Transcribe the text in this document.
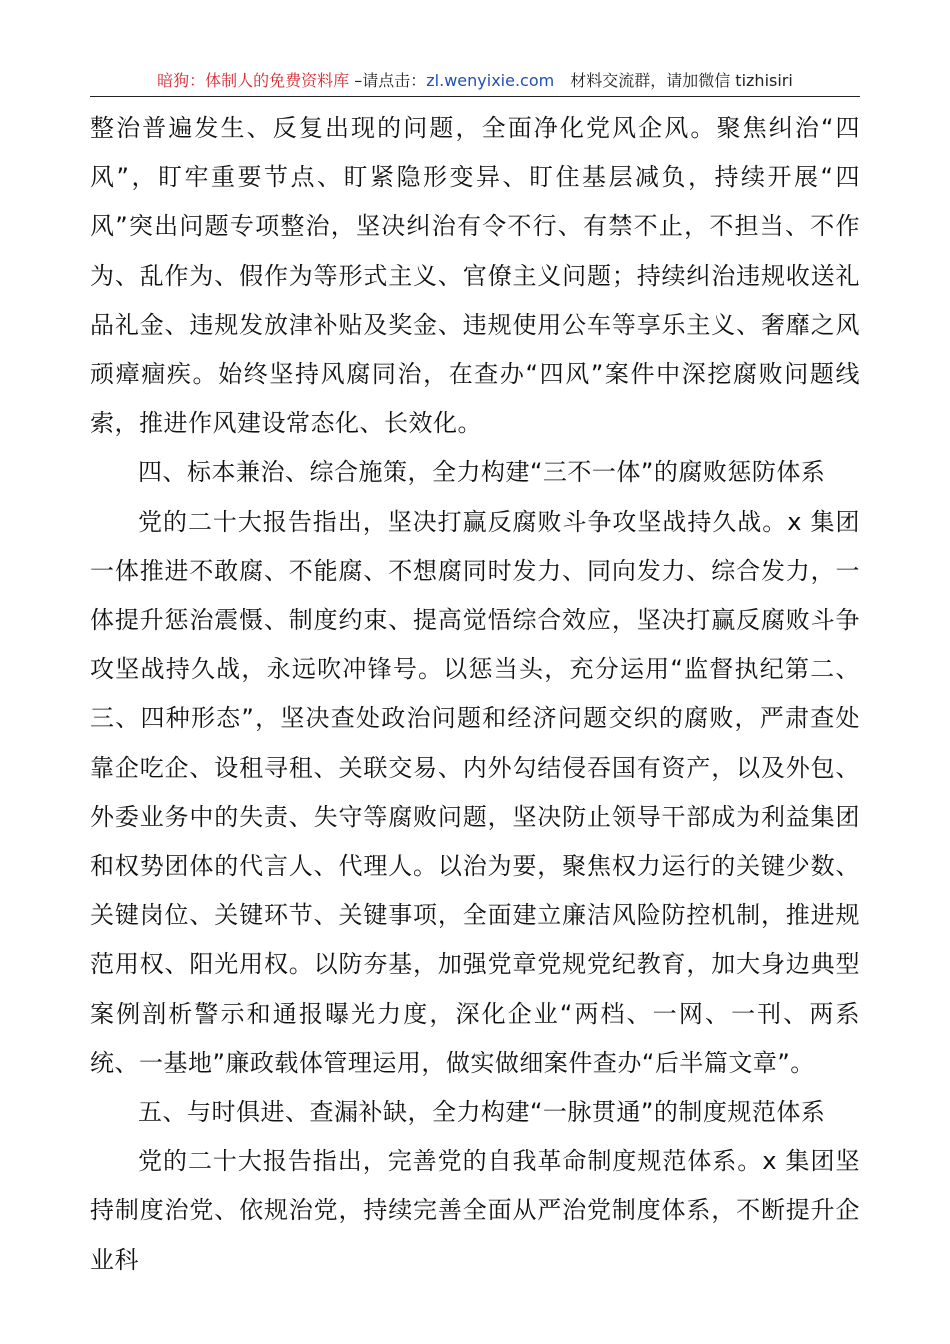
暗狗：体制人的免费资料库 –请点击：zl.wenyixie.com 材料交流群，请加微信 tizhisiri

整治普遍发生、反复出现的问题，全面净化党风企风。聚焦纠治“四风”，盯牢重要节点、盯紧隐形变异、盯住基层减负，持续开展“四风”突出问题专项整治，坚决纠治有令不行、有禁不止，不担当、不作为、乱作为、假作为等形式主义、官僚主义问题；持续纠治违规收送礼品礼金、违规发放津补贴及奖金、违规使用公车等享乐主义、奢靡之风顽瘴痼疾。始终坚持风腐同治，在查办“四风”案件中深挖腐败问题线索，推进作风建设常态化、长效化。

四、标本兼治、综合施策，全力构建“三不一体”的腐败惩防体系

党的二十大报告指出，坚决打赢反腐败斗争攻坚战持久战。x 集团一体推进不敢腐、不能腐、不想腐同时发力、同向发力、综合发力，一体提升惩治震慑、制度约束、提高觉悟综合效应，坚决打赢反腐败斗争攻坚战持久战，永远吹冲锋号。以惩当头，充分运用“监督执纪第二、三、四种形态”，坚决查处政治问题和经济问题交织的腐败，严肃查处靠企吃企、设租寻租、关联交易、内外勾结侵吞国有资产，以及外包、外委业务中的失责、失守等腐败问题，坚决防止领导干部成为利益集团和权势团体的代言人、代理人。以治为要，聚焦权力运行的关键少数、关键岗位、关键环节、关键事项，全面建立廉洁风险防控机制，推进规范用权、阳光用权。以防夯基，加强党章党规党纪教育，加大身边典型案例剖析警示和通报曝光力度，深化企业“两档、一网、一刊、两系统、一基地”廉政载体管理运用，做实做细案件查办“后半篇文章”。

五、与时俱进、查漏补缺，全力构建“一脉贯通”的制度规范体系

党的二十大报告指出，完善党的自我革命制度规范体系。x 集团坚持制度治党、依规治党，持续完善全面从严治党制度体系，不断提升企业科
